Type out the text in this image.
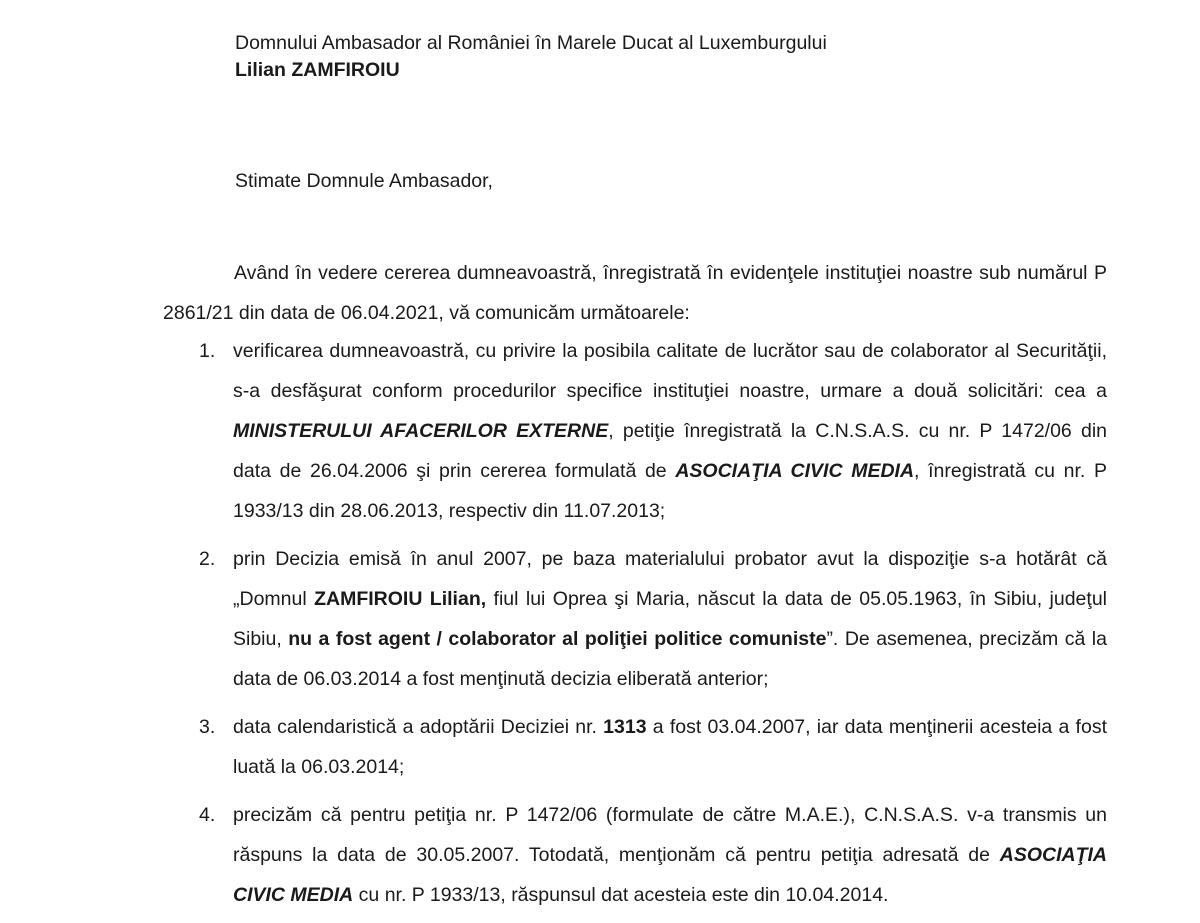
Domnului Ambasador al României în Marele Ducat al Luxemburgului
Lilian ZAMFIROIU
Stimate Domnule Ambasador,

Având în vedere cererea dumneavoastră, înregistrată în evidenţele instituţiei noastre sub numărul P 2861/21 din data de 06.04.2021, vă comunicăm următoarele:

1. verificarea dumneavoastră, cu privire la posibila calitate de lucrător sau de colaborator al Securităţii, s-a desfăşurat conform procedurilor specifice instituţiei noastre, urmare a două solicitări: cea a MINISTERULUI AFACERILOR EXTERNE, petiţie înregistrată la C.N.S.A.S. cu nr. P 1472/06 din data de 26.04.2006 şi prin cererea formulată de ASOCIAŢIA CIVIC MEDIA, înregistrată cu nr. P 1933/13 din 28.06.2013, respectiv din 11.07.2013;
2. prin Decizia emisă în anul 2007, pe baza materialului probator avut la dispoziţie s-a hotărât că „Domnul ZAMFIROIU Lilian, fiul lui Oprea şi Maria, născut la data de 05.05.1963, în Sibiu, judeţul Sibiu, nu a fost agent / colaborator al poliţiei politice comuniste”. De asemenea, precizăm că la data de 06.03.2014 a fost menţinută decizia eliberată anterior;
3. data calendaristică a adoptării Deciziei nr. 1313 a fost 03.04.2007, iar data menţinerii acesteia a fost luată la 06.03.2014;
4. precizăm că pentru petiţia nr. P 1472/06 (formulate de către M.A.E.), C.N.S.A.S. v-a transmis un răspuns la data de 30.05.2007. Totodată, menţionăm că pentru petiţia adresată de ASOCIAŢIA CIVIC MEDIA cu nr. P 1933/13, răspunsul dat acesteia este din 10.04.2014.
